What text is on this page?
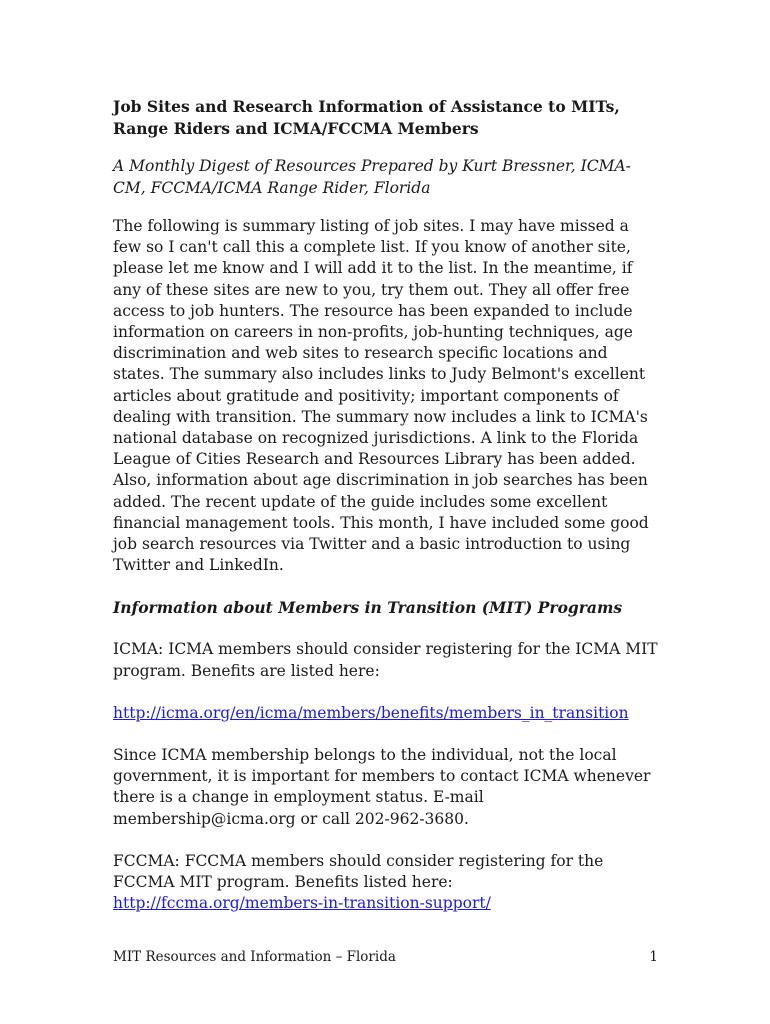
Job Sites and Research Information of Assistance to MITs, Range Riders and ICMA/FCCMA Members

A Monthly Digest of Resources Prepared by Kurt Bressner, ICMA-CM, FCCMA/ICMA Range Rider, Florida

The following is summary listing of job sites. I may have missed a few so I can't call this a complete list. If you know of another site, please let me know and I will add it to the list. In the meantime, if any of these sites are new to you, try them out. They all offer free access to job hunters. The resource has been expanded to include information on careers in non-profits, job-hunting techniques, age discrimination and web sites to research specific locations and states. The summary also includes links to Judy Belmont's excellent articles about gratitude and positivity; important components of dealing with transition. The summary now includes a link to ICMA's national database on recognized jurisdictions. A link to the Florida League of Cities Research and Resources Library has been added. Also, information about age discrimination in job searches has been added. The recent update of the guide includes some excellent financial management tools. This month, I have included some good job search resources via Twitter and a basic introduction to using Twitter and LinkedIn.

Information about Members in Transition (MIT) Programs

ICMA: ICMA members should consider registering for the ICMA MIT program. Benefits are listed here:

http://icma.org/en/icma/members/benefits/members_in_transition

Since ICMA membership belongs to the individual, not the local government, it is important for members to contact ICMA whenever there is a change in employment status. E-mail membership@icma.org or call 202-962-3680.

FCCMA: FCCMA members should consider registering for the FCCMA MIT program. Benefits listed here: http://fccma.org/members-in-transition-support/

MIT Resources and Information – Florida	1
